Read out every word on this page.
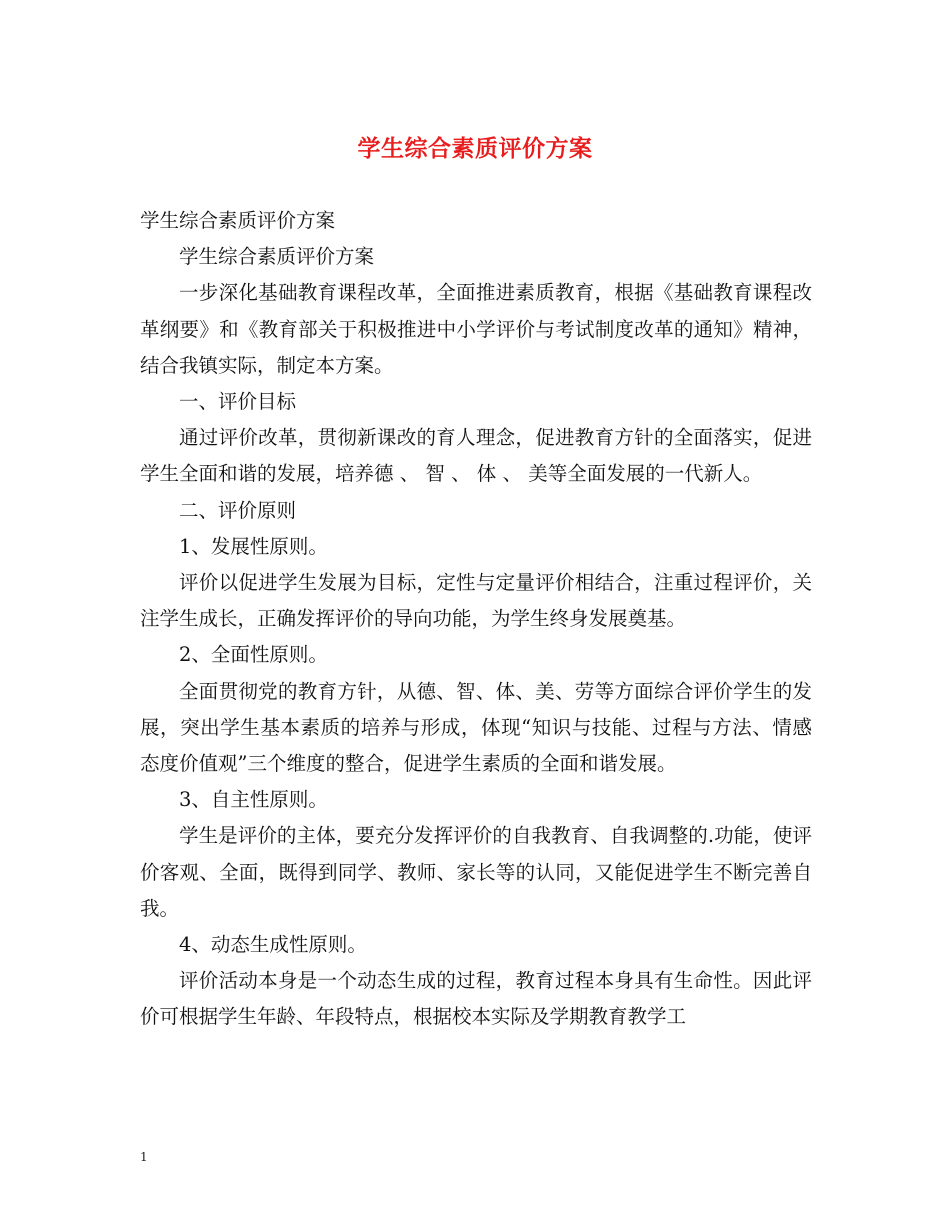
学生综合素质评价方案

学生综合素质评价方案

学生综合素质评价方案

一步深化基础教育课程改革，全面推进素质教育，根据《基础教育课程改革纲要》和《教育部关于积极推进中小学评价与考试制度改革的通知》精神，结合我镇实际，制定本方案。

一、评价目标

通过评价改革，贯彻新课改的育人理念，促进教育方针的全面落实，促进学生全面和谐的发展，培养德 、 智 、 体 、 美等全面发展的一代新人。

二、评价原则

1、发展性原则。

评价以促进学生发展为目标，定性与定量评价相结合，注重过程评价，关注学生成长，正确发挥评价的导向功能，为学生终身发展奠基。

2、全面性原则。

全面贯彻党的教育方针，从德、智、体、美、劳等方面综合评价学生的发展，突出学生基本素质的培养与形成，体现“知识与技能、过程与方法、情感态度价值观”三个维度的整合，促进学生素质的全面和谐发展。

3、自主性原则。

学生是评价的主体，要充分发挥评价的自我教育、自我调整的.功能，使评价客观、全面，既得到同学、教师、家长等的认同，又能促进学生不断完善自我。

4、动态生成性原则。

评价活动本身是一个动态生成的过程，教育过程本身具有生命性。因此评价可根据学生年龄、年段特点，根据校本实际及学期教育教学工

1
